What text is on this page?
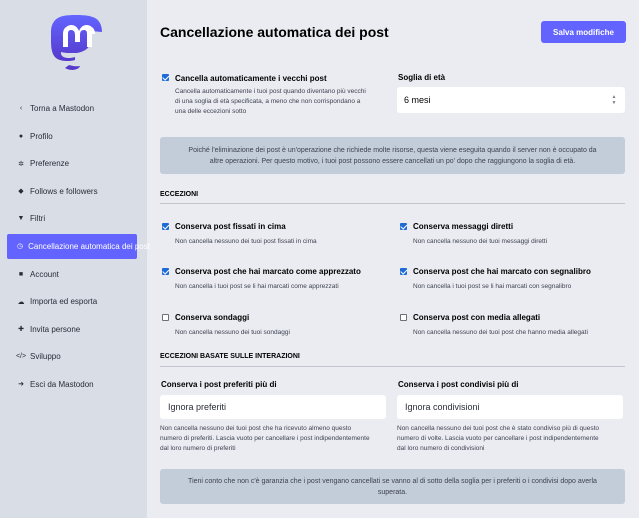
‹ Torna a Mastodon
● Profilo
✲ Preferenze
◆ Follows e followers
▼ Filtri
◷ Cancellazione automatica dei post
■ Account
☁ Importa ed esporta
✚ Invita persone
</> Sviluppo
➜ Esci da Mastodon
Cancellazione automatica dei post	Salva modifiche
Cancella automaticamente i vecchi post
Cancella automaticamente i tuoi post quando diventano più vecchi
di una soglia di età specificata, a meno che non corrispondano a
una delle eccezioni sotto
Soglia di età
6 mesi	▲
▼
Poiché l'eliminazione dei post è un'operazione che richiede molte risorse, questa viene eseguita quando il server non è occupato da
altre operazioni. Per questo motivo, i tuoi post possono essere cancellati un po' dopo che raggiungono la soglia di età.
ECCEZIONI
Conserva post fissati in cima
Non cancella nessuno dei tuoi post fissati in cima
Conserva messaggi diretti
Non cancella nessuno dei tuoi messaggi diretti
Conserva post che hai marcato come apprezzato
Non cancella i tuoi post se li hai marcati come apprezzati
Conserva post che hai marcato con segnalibro
Non cancella i tuoi post se li hai marcati con segnalibro
Conserva sondaggi
Non cancella nessuno dei tuoi sondaggi
Conserva post con media allegati
Non cancella nessuno dei tuoi post che hanno media allegati
ECCEZIONI BASATE SULLE INTERAZIONI
Conserva i post preferiti più di
Ignora preferiti
Non cancella nessuno dei tuoi post che ha ricevuto almeno questo
numero di preferiti. Lascia vuoto per cancellare i post indipendentemente
dal loro numero di preferiti
Conserva i post condivisi più di
Ignora condivisioni
Non cancella nessuno dei tuoi post che è stato condiviso più di questo
numero di volte. Lascia vuoto per cancellare i post indipendentemente
dal loro numero di condivisioni
Tieni conto che non c'è garanzia che i post vengano cancellati se vanno al di sotto della soglia per i preferiti o i condivisi dopo averla
superata.
